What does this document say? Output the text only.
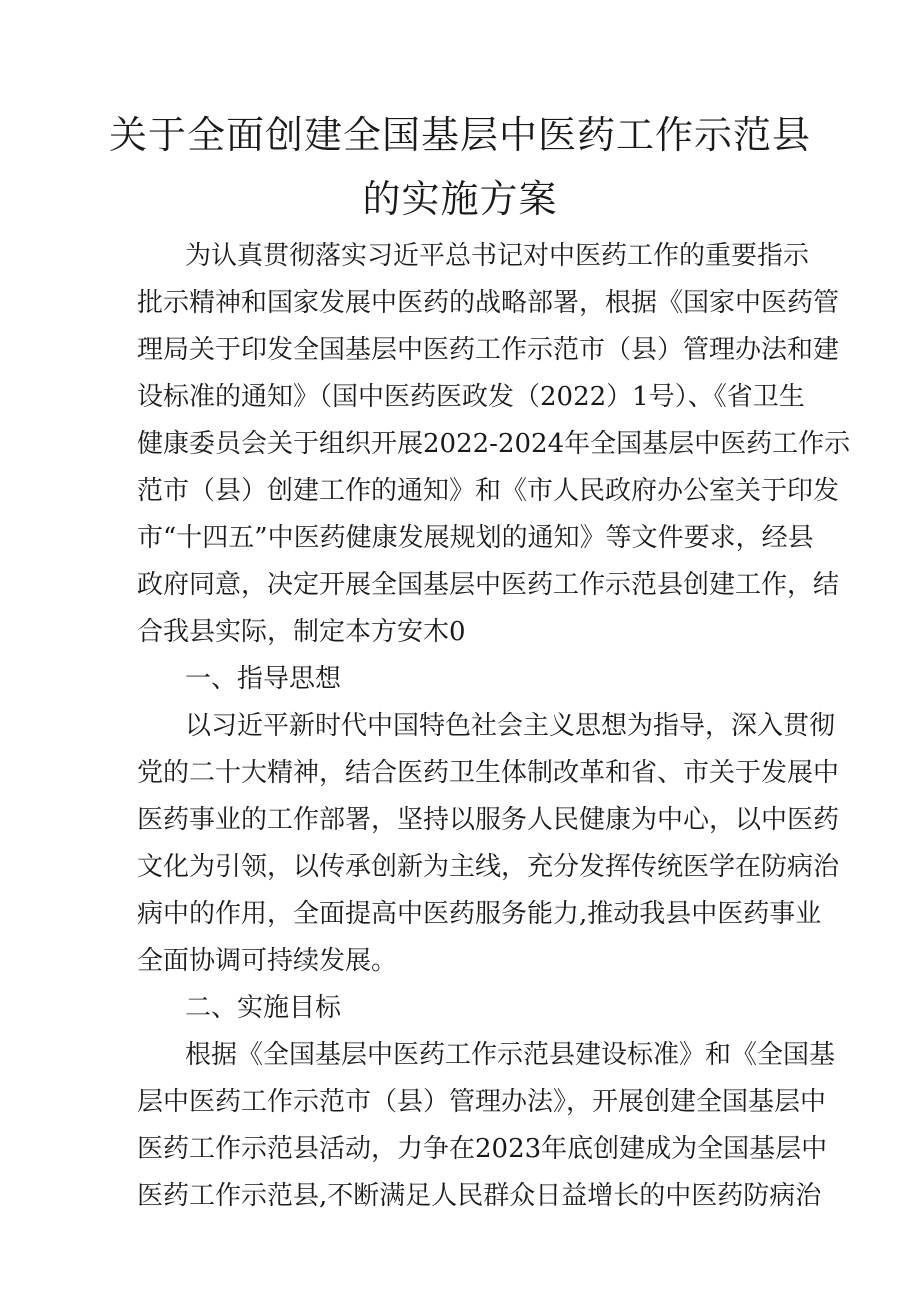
关于全面创建全国基层中医药工作示范县
的实施方案
为认真贯彻落实习近平总书记对中医药工作的重要指示
批示精神和国家发展中医药的战略部署，根据《国家中医药管
理局关于印发全国基层中医药工作示范市（县）管理办法和建
设标准的通知》（国中医药医政发（2022）1号）、《省卫生
健康委员会关于组织开展2022-2024年全国基层中医药工作示
范市（县）创建工作的通知》和《市人民政府办公室关于印发
市“十四五”中医药健康发展规划的通知》等文件要求，经县
政府同意，决定开展全国基层中医药工作示范县创建工作，结
合我县实际，制定本方安木0
一、指导思想
以习近平新时代中国特色社会主义思想为指导，深入贯彻
党的二十大精神，结合医药卫生体制改革和省、市关于发展中
医药事业的工作部署，坚持以服务人民健康为中心，以中医药
文化为引领，以传承创新为主线，充分发挥传统医学在防病治
病中的作用，全面提高中医药服务能力,推动我县中医药事业
全面协调可持续发展。
二、实施目标
根据《全国基层中医药工作示范县建设标准》和《全国基
层中医药工作示范市（县）管理办法》，开展创建全国基层中
医药工作示范县活动，力争在2023年底创建成为全国基层中
医药工作示范县,不断满足人民群众日益增长的中医药防病治
